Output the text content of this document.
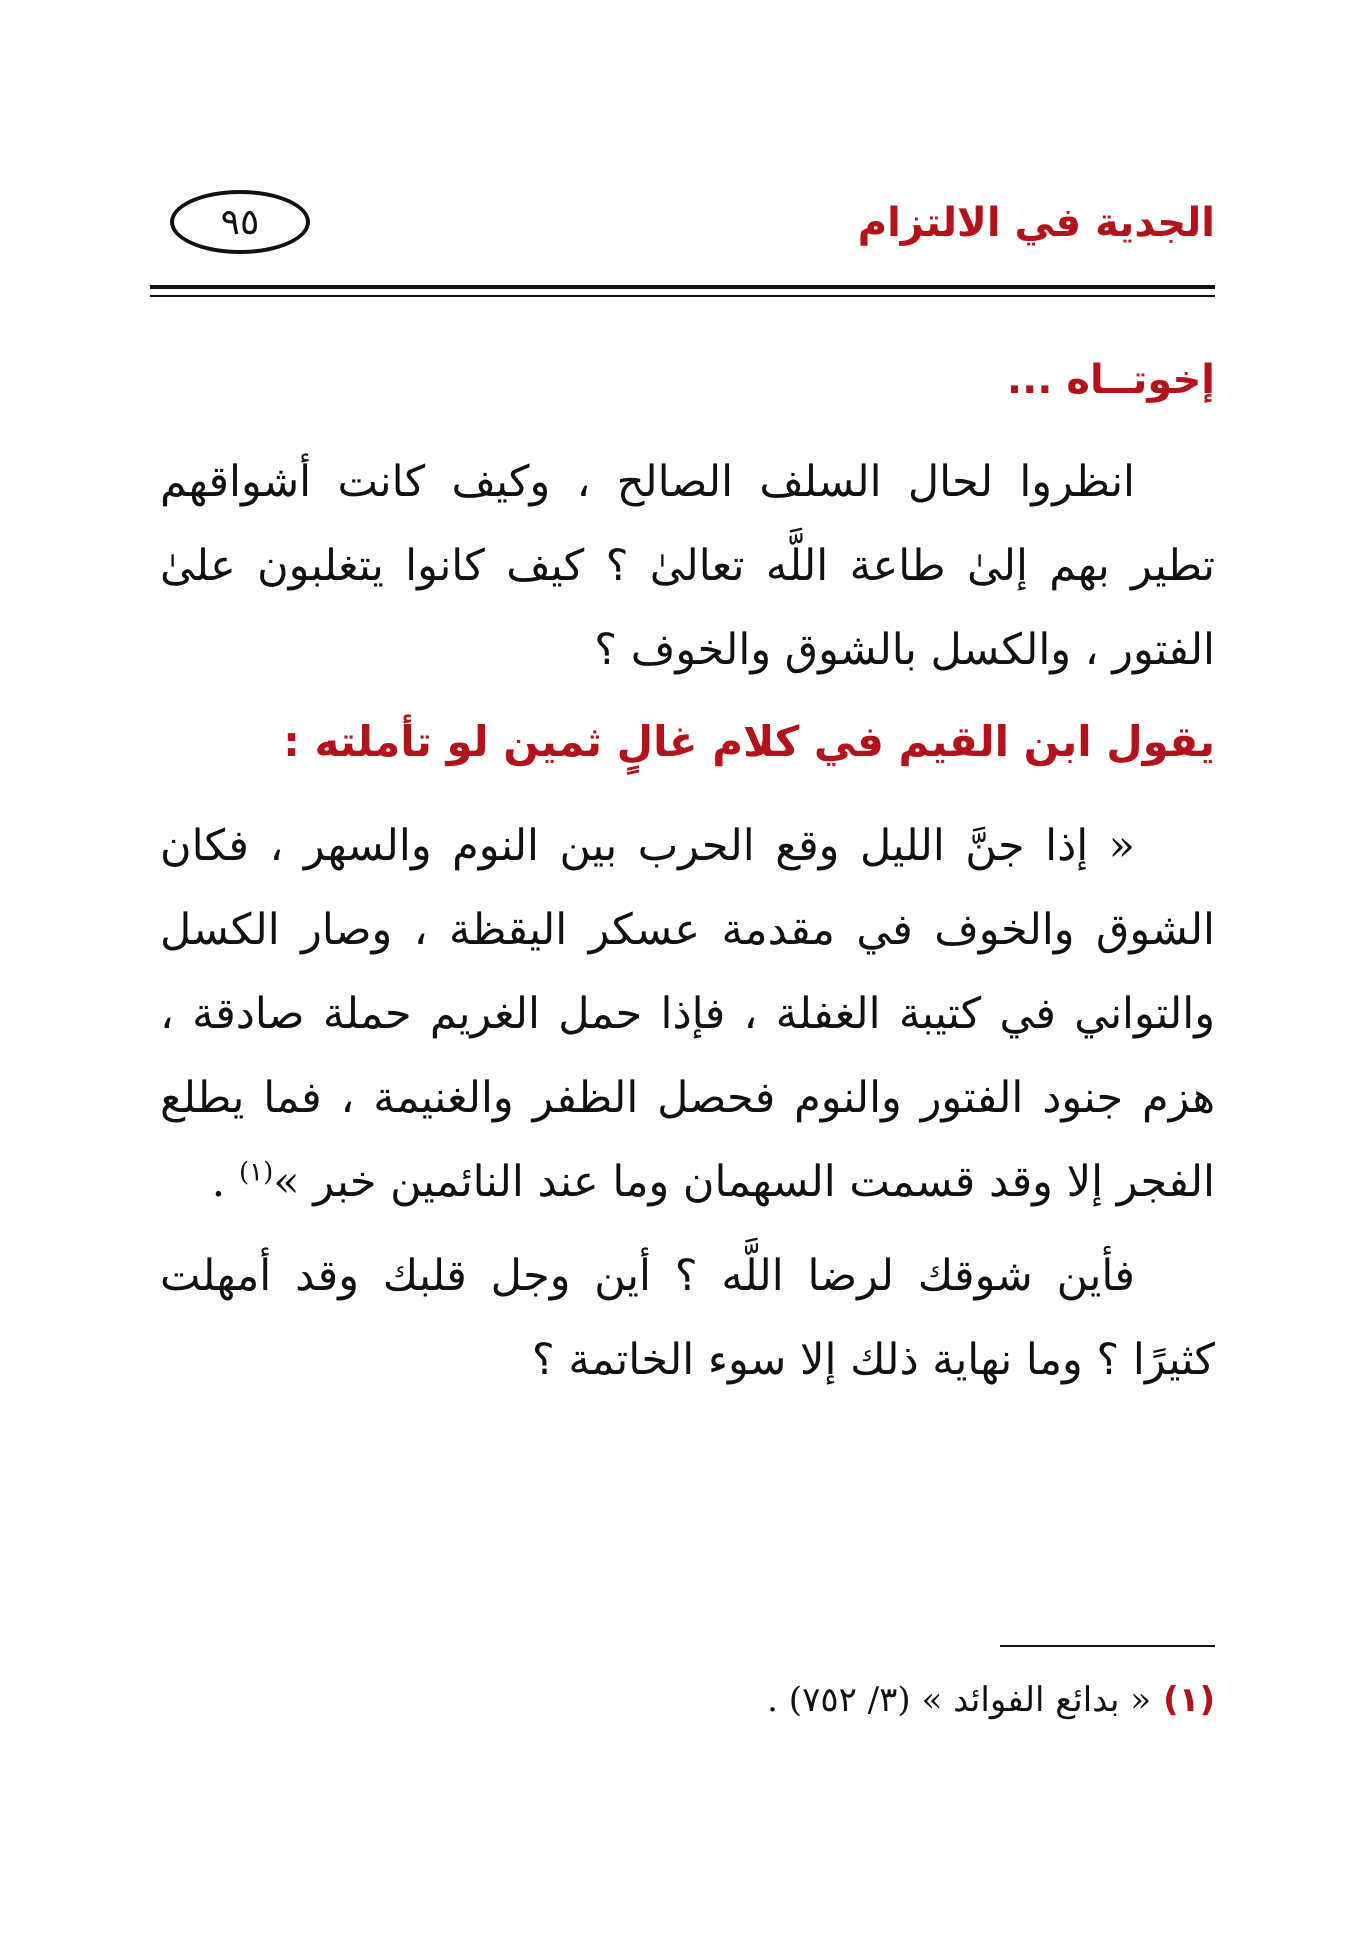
الجدية في الالتزام
٩٥
إخوتــاه ...

انظروا لحال السلف الصالح ، وكيف كانت أشواقهم تطير بهم إلىٰ طاعة اللَّه تعالىٰ ؟ كيف كانوا يتغلبون علىٰ الفتور ، والكسل بالشوق والخوف ؟

يقول ابن القيم في كلام غالٍ ثمين لو تأملته :

« إذا جنَّ الليل وقع الحرب بين النوم والسهر ، فكان الشوق والخوف في مقدمة عسكر اليقظة ، وصار الكسل والتواني في كتيبة الغفلة ، فإذا حمل الغريم حملة صادقة ، هزم جنود الفتور والنوم فحصل الظفر والغنيمة ، فما يطلع الفجر إلا وقد قسمت السهمان وما عند النائمين خبر »$^{(١)}$ .

فأين شوقك لرضا اللَّه ؟ أين وجل قلبك وقد أمهلت كثيرًا ؟ وما نهاية ذلك إلا سوء الخاتمة ؟

(١)« بدائع الفوائد » (٣/ ٧٥٢) .
